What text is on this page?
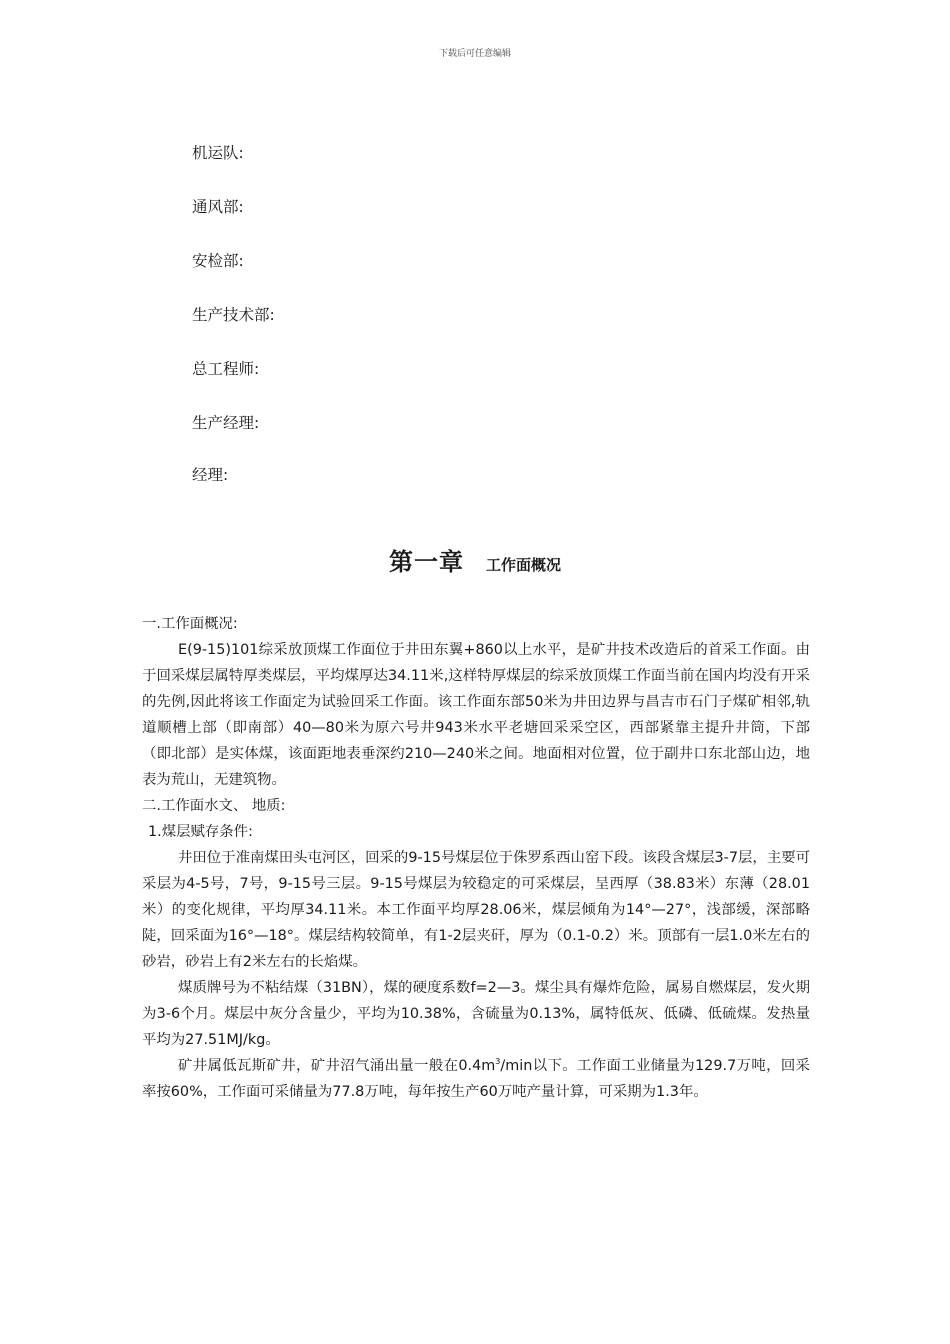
下载后可任意编辑
机运队:
通风部:
安检部:
生产技术部:
总工程师:
生产经理:
经理:
第一章 工作面概况

一.工作面概况:

E(9-15)101综采放顶煤工作面位于井田东翼+860以上水平，是矿井技术改造后的首采工作面。由于回采煤层属特厚类煤层，平均煤厚达34.11米,这样特厚煤层的综采放顶煤工作面当前在国内均没有开采的先例,因此将该工作面定为试验回采工作面。该工作面东部50米为井田边界与昌吉市石门子煤矿相邻,轨道顺槽上部（即南部）40—80米为原六号井943米水平老塘回采采空区，西部紧靠主提升井筒，下部（即北部）是实体煤，该面距地表垂深约210—240米之间。地面相对位置，位于副井口东北部山边，地表为荒山，无建筑物。

二.工作面水文、 地质:

1.煤层赋存条件:

井田位于准南煤田头屯河区，回采的9-15号煤层位于侏罗系西山窑下段。该段含煤层3-7层，主要可采层为4-5号，7号，9-15号三层。9-15号煤层为较稳定的可采煤层，呈西厚（38.83米）东薄（28.01米）的变化规律，平均厚34.11米。本工作面平均厚28.06米，煤层倾角为14°—27°，浅部缓，深部略陡，回采面为16°—18°。煤层结构较简单，有1-2层夹矸，厚为（0.1-0.2）米。顶部有一层1.0米左右的砂岩，砂岩上有2米左右的长焰煤。

煤质牌号为不粘结煤（31BN），煤的硬度系数f=2—3。煤尘具有爆炸危险，属易自燃煤层，发火期为3-6个月。煤层中灰分含量少，平均为10.38%，含硫量为0.13%，属特低灰、低磷、低硫煤。发热量平均为27.51MJ/kg。

矿井属低瓦斯矿井，矿井沼气涌出量一般在$0.4m^3/\min$以下。工作面工业储量为129.7万吨，回采率按60%，工作面可采储量为77.8万吨，每年按生产60万吨产量计算，可采期为1.3年。
